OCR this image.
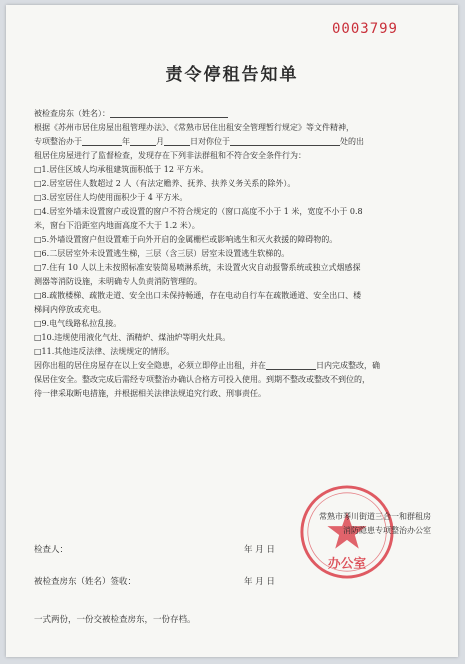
0003799
责令停租告知单
被检查房东（姓名）：
根据《苏州市居住房屋出租管理办法》、《常熟市居住出租安全管理暂行规定》等文件精神，
专项整治办于	年	月	日对你位于	处的出
租居住房屋进行了监督检查，发现存在下列非法群租和不符合安全条件行为：
□1.居住区域人均承租建筑面积低于 12 平方米。
□2.居室居住人数超过 2 人（有法定赡养、抚养、扶养义务关系的除外）。
□3.居室居住人均使用面积少于 4 平方米。
□4.居室外墙未设置窗户或设置的窗户不符合规定的（窗口高度不小于 1 米，宽度不小于 0.8
米，窗台下沿距室内地面高度不大于 1.2 米）。
□5.外墙设置窗户但设置难于向外开启的金属栅栏或影响逃生和灭火救援的障碍物的。
□6.二层居室外未设置逃生梯，三层（含三层）居室未设置逃生软梯的。
□7.住有 10 人以上未按照标准安装简易喷淋系统，未设置火灾自动报警系统或独立式烟感探
测器等消防设施，未明确专人负责消防管理的。
□8.疏散楼梯、疏散走道、安全出口未保持畅通，存在电动自行车在疏散通道、安全出口、楼
梯间内停放或充电。
□9.电气线路私拉乱接。
□10.违规使用液化气灶、酒精炉、煤油炉等明火灶具。
□11.其他违反法律、法规规定的情形。
因你出租的居住房屋存在以上安全隐患，必须立即停止出租，并在	日内完成整改，确
保居住安全。整改完成后需经专项整治办确认合格方可投入使用。到期不整改或整改不到位的，
待一律采取断电措施，并根据相关法律法规追究行政、刑事责任。
办公室
常熟市琴川街道三合一和群租房
消防隐患专项整治办公室
检查人：	年 月 日
被检查房东（姓名）签收：	年 月 日
一式两份，一份交被检查房东，一份存档。
